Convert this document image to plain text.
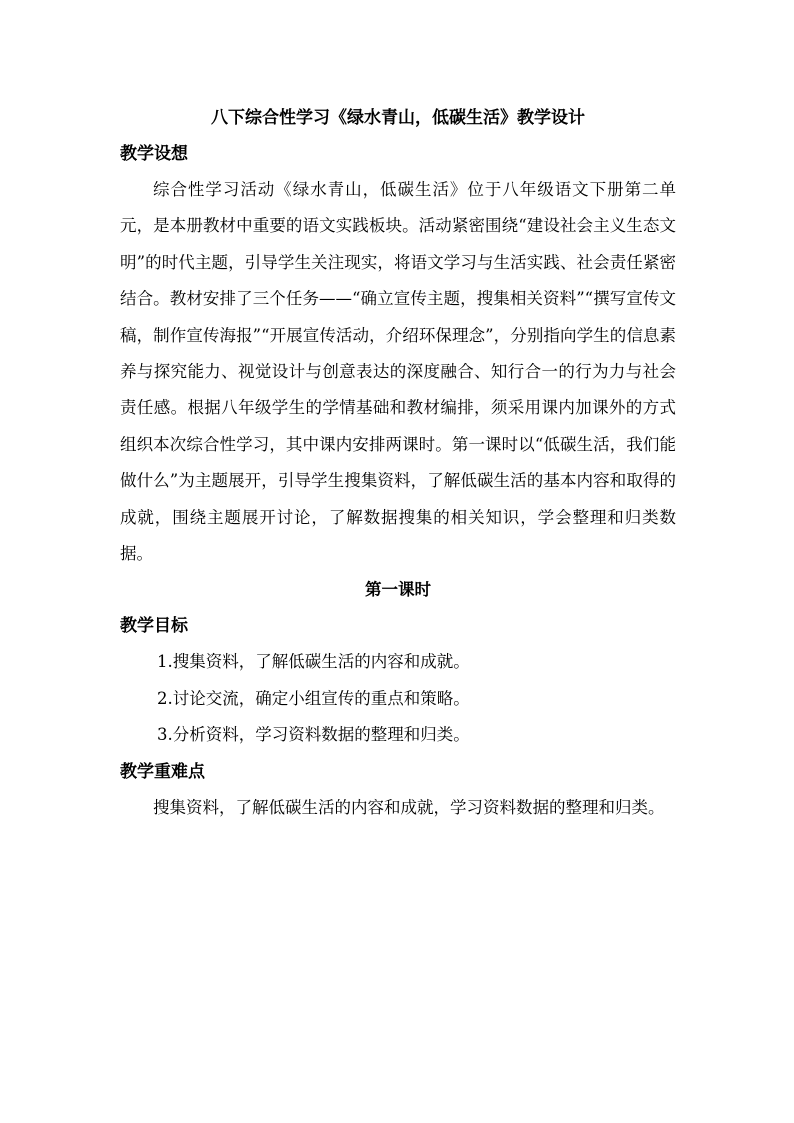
八下综合性学习《绿水青山，低碳生活》教学设计
教学设想

综合性学习活动《绿水青山，低碳生活》位于八年级语文下册第二单元，是本册教材中重要的语文实践板块。活动紧密围绕“建设社会主义生态文明”的时代主题，引导学生关注现实，将语文学习与生活实践、社会责任紧密结合。教材安排了三个任务——“确立宣传主题，搜集相关资料”“撰写宣传文稿，制作宣传海报”“开展宣传活动，介绍环保理念”，分别指向学生的信息素养与探究能力、视觉设计与创意表达的深度融合、知行合一的行为力与社会责任感。根据八年级学生的学情基础和教材编排，须采用课内加课外的方式组织本次综合性学习，其中课内安排两课时。第一课时以“低碳生活，我们能做什么”为主题展开，引导学生搜集资料，了解低碳生活的基本内容和取得的成就，围绕主题展开讨论，了解数据搜集的相关知识，学会整理和归类数据。

第一课时
教学目标

1.搜集资料，了解低碳生活的内容和成就。

2.讨论交流，确定小组宣传的重点和策略。

3.分析资料，学习资料数据的整理和归类。

教学重难点

搜集资料，了解低碳生活的内容和成就，学习资料数据的整理和归类。
